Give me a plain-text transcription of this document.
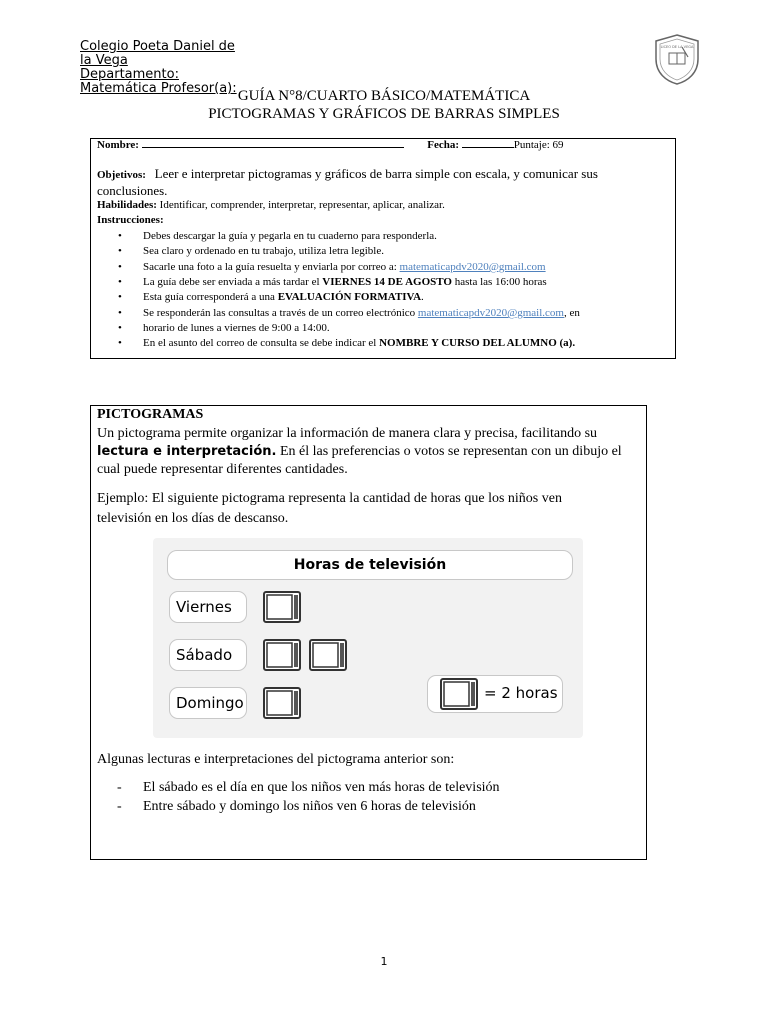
Colegio Poeta Daniel de
la Vega
Departamento:
Matemática Profesor(a):
LICEO DE LA VEGA
GUÍA N°8/CUARTO BÁSICO/MATEMÁTICA
PICTOGRAMAS Y GRÁFICOS DE BARRAS SIMPLES
Nombre:	Fecha:	Puntaje: 69
Objetivos: Leer e interpretar pictogramas y gráficos de barra simple con escala, y comunicar sus
conclusiones.
Habilidades: Identificar, comprender, interpretar, representar, aplicar, analizar.
Instrucciones:
• Debes descargar la guía y pegarla en tu cuaderno para responderla.
• Sea claro y ordenado en tu trabajo, utiliza letra legible.
• Sacarle una foto a la guía resuelta y enviarla por correo a: matematicapdv2020@gmail.com
• La guía debe ser enviada a más tardar el VIERNES 14 DE AGOSTO hasta las 16:00 horas
• Esta guía corresponderá a una EVALUACIÓN FORMATIVA.
• Se responderán las consultas a través de un correo electrónico matematicapdv2020@gmail.com, en
• horario de lunes a viernes de 9:00 a 14:00.
• En el asunto del correo de consulta se debe indicar el NOMBRE Y CURSO DEL ALUMNO (a).
PICTOGRAMAS
Un pictograma permite organizar la información de manera clara y precisa, facilitando su
lectura e interpretación. En él las preferencias o votos se representan con un dibujo el
cual puede representar diferentes cantidades.
Ejemplo: El siguiente pictograma representa la cantidad de horas que los niños ven
televisión en los días de descanso.
Algunas lecturas e interpretaciones del pictograma anterior son:
- El sábado es el día en que los niños ven más horas de televisión
- Entre sábado y domingo los niños ven 6 horas de televisión
Horas de televisión
Viernes
Sábado
Domingo
= 2 horas
1
